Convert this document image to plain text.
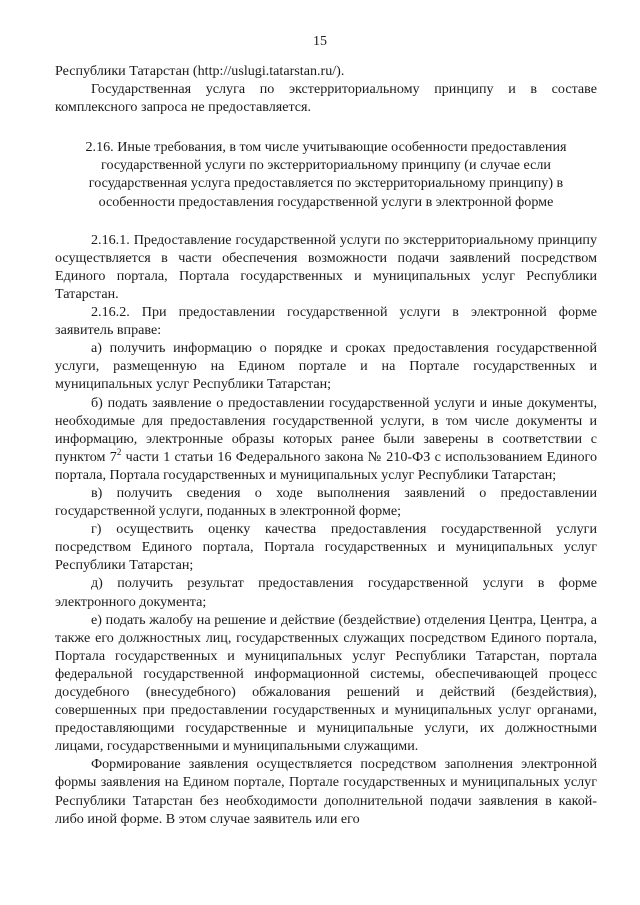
15

Республики Татарстан (http://uslugi.tatarstan.ru/).

Государственная услуга по экстерриториальному принципу и в составе комплексного запроса не предоставляется.

2.16. Иные требования, в том числе учитывающие особенности предоставления государственной услуги по экстерриториальному принципу (и случае если государственная услуга предоставляется по экстерриториальному принципу) в особенности предоставления государственной услуги в электронной форме

2.16.1. Предоставление государственной услуги по экстерриториальному принципу осуществляется в части обеспечения возможности подачи заявлений посредством Единого портала, Портала государственных и муниципальных услуг Республики Татарстан.

2.16.2. При предоставлении государственной услуги в электронной форме заявитель вправе:

а) получить информацию о порядке и сроках предоставления государственной услуги, размещенную на Едином портале и на Портале государственных и муниципальных услуг Республики Татарстан;

б) подать заявление о предоставлении государственной услуги и иные документы, необходимые для предоставления государственной услуги, в том числе документы и информацию, электронные образы которых ранее были заверены в соответствии с пунктом $7^2$ части 1 статьи 16 Федерального закона № 210-ФЗ с использованием Единого портала, Портала государственных и муниципальных услуг Республики Татарстан;

в) получить сведения о ходе выполнения заявлений о предоставлении государственной услуги, поданных в электронной форме;

г) осуществить оценку качества предоставления государственной услуги посредством Единого портала, Портала государственных и муниципальных услуг Республики Татарстан;

д) получить результат предоставления государственной услуги в форме электронного документа;

е) подать жалобу на решение и действие (бездействие) отделения Центра, Центра, а также его должностных лиц, государственных служащих посредством Единого портала, Портала государственных и муниципальных услуг Республики Татарстан, портала федеральной государственной информационной системы, обеспечивающей процесс досудебного (внесудебного) обжалования решений и действий (бездействия), совершенных при предоставлении государственных и муниципальных услуг органами, предоставляющими государственные и муниципальные услуги, их должностными лицами, государственными и муниципальными служащими.

Формирование заявления осуществляется посредством заполнения электронной формы заявления на Едином портале, Портале государственных и муниципальных услуг Республики Татарстан без необходимости дополнительной подачи заявления в какой-либо иной форме. В этом случае заявитель или его
